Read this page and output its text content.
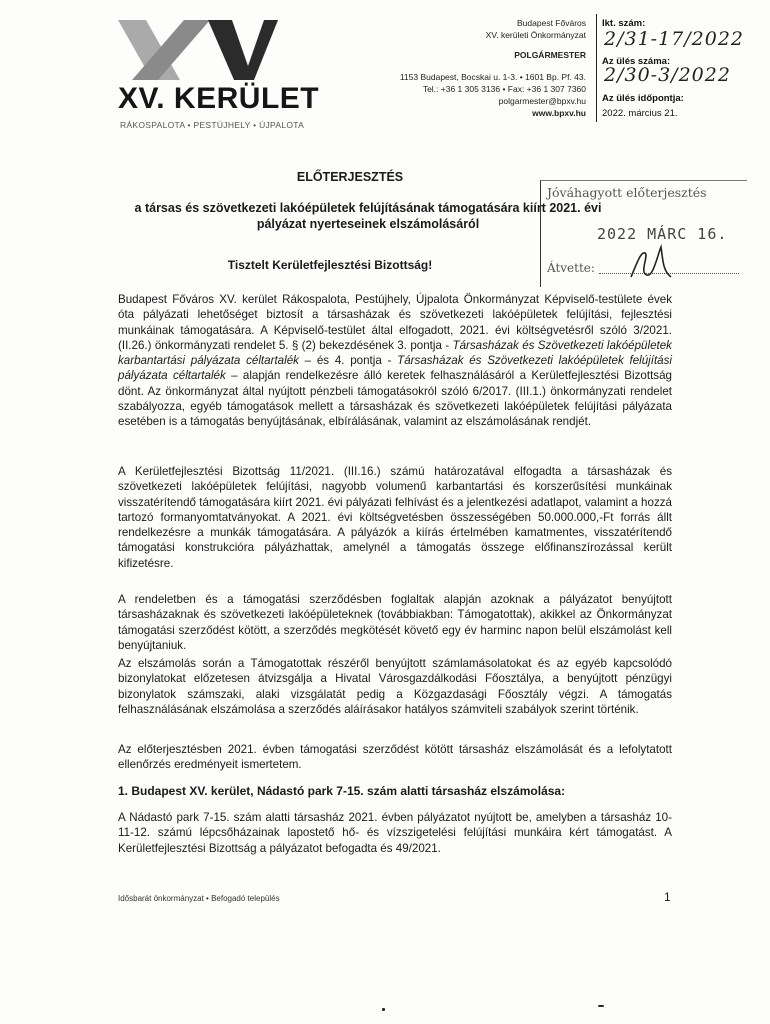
XV. KERÜLET
RÁKOSPALOTA • PESTÚJHELY • ÚJPALOTA
Budapest Főváros
XV. kerületi Önkormányzat
POLGÁRMESTER
1153 Budapest, Bocskai u. 1-3. • 1601 Bp. Pf. 43.
Tel.: +36 1 305 3136 • Fax: +36 1 307 7360
polgarmester@bpxv.hu
www.bpxv.hu
Ikt. szám:
2/31-17/2022
Az ülés száma:
2/30-3/2022
Az ülés időpontja:
2022. március 21.
ELŐTERJESZTÉS
a társas és szövetkezeti lakóépületek felújításának támogatására kiírt 2021. évi
pályázat nyerteseinek elszámolásáról
Jóváhagyott előterjesztés
2022 MÁRC 16.
Átvette:
Tisztelt Kerületfejlesztési Bizottság!
Budapest Főváros XV. kerület Rákospalota, Pestújhely, Újpalota Önkormányzat Képviselő-testülete évek óta pályázati lehetőséget biztosít a társasházak és szövetkezeti lakóépületek felújítási, fejlesztési munkáinak támogatására. A Képviselő-testület által elfogadott, 2021. évi költségvetésről szóló 3/2021. (II.26.) önkormányzati rendelet 5. § (2) bekezdésének 3. pontja - Társasházak és Szövetkezeti lakóépületek karbantartási pályázata céltartalék – és 4. pontja - Társasházak és Szövetkezeti lakóépületek felújítási pályázata céltartalék – alapján rendelkezésre álló keretek felhasználásáról a Kerületfejlesztési Bizottság dönt. Az önkormányzat által nyújtott pénzbeli támogatásokról szóló 6/2017. (III.1.) önkormányzati rendelet szabályozza, egyéb támogatások mellett a társasházak és szövetkezeti lakóépületek felújítási pályázata esetében is a támogatás benyújtásának, elbírálásának, valamint az elszámolásának rendjét.
A Kerületfejlesztési Bizottság 11/2021. (III.16.) számú határozatával elfogadta a társasházak és szövetkezeti lakóépületek felújítási, nagyobb volumenű karbantartási és korszerűsítési munkáinak visszatérítendő támogatására kiírt 2021. évi pályázati felhívást és a jelentkezési adatlapot, valamint a hozzá tartozó formanyomtatványokat. A 2021. évi költségvetésben összességében 50.000.000,-Ft forrás állt rendelkezésre a munkák támogatására. A pályázók a kiírás értelmében kamatmentes, visszatérítendő támogatási konstrukcióra pályázhattak, amelynél a támogatás összege előfinanszírozással került kifizetésre.
A rendeletben és a támogatási szerződésben foglaltak alapján azoknak a pályázatot benyújtott társasházaknak és szövetkezeti lakóépületeknek (továbbiakban: Támogatottak), akikkel az Önkormányzat támogatási szerződést kötött, a szerződés megkötését követő egy év harminc napon belül elszámolást kell benyújtaniuk.
Az elszámolás során a Támogatottak részéről benyújtott számlamásolatokat és az egyéb kapcsolódó bizonylatokat előzetesen átvizsgálja a Hivatal Városgazdálkodási Főosztálya, a benyújtott pénzügyi bizonylatok számszaki, alaki vizsgálatát pedig a Közgazdasági Főosztály végzi. A támogatás felhasználásának elszámolása a szerződés aláírásakor hatályos számviteli szabályok szerint történik.
Az előterjesztésben 2021. évben támogatási szerződést kötött társasház elszámolását és a lefolytatott ellenőrzés eredményeit ismertetem.
1. Budapest XV. kerület, Nádastó park 7-15. szám alatti társasház elszámolása:
A Nádastó park 7-15. szám alatti társasház 2021. évben pályázatot nyújtott be, amelyben a társasház 10-11-12. számú lépcsőházainak lapostető hő- és vízszigetelési felújítási munkáira kért támogatást. A Kerületfejlesztési Bizottság a pályázatot befogadta és 49/2021.
Idősbarát önkormányzat • Befogadó település	1
